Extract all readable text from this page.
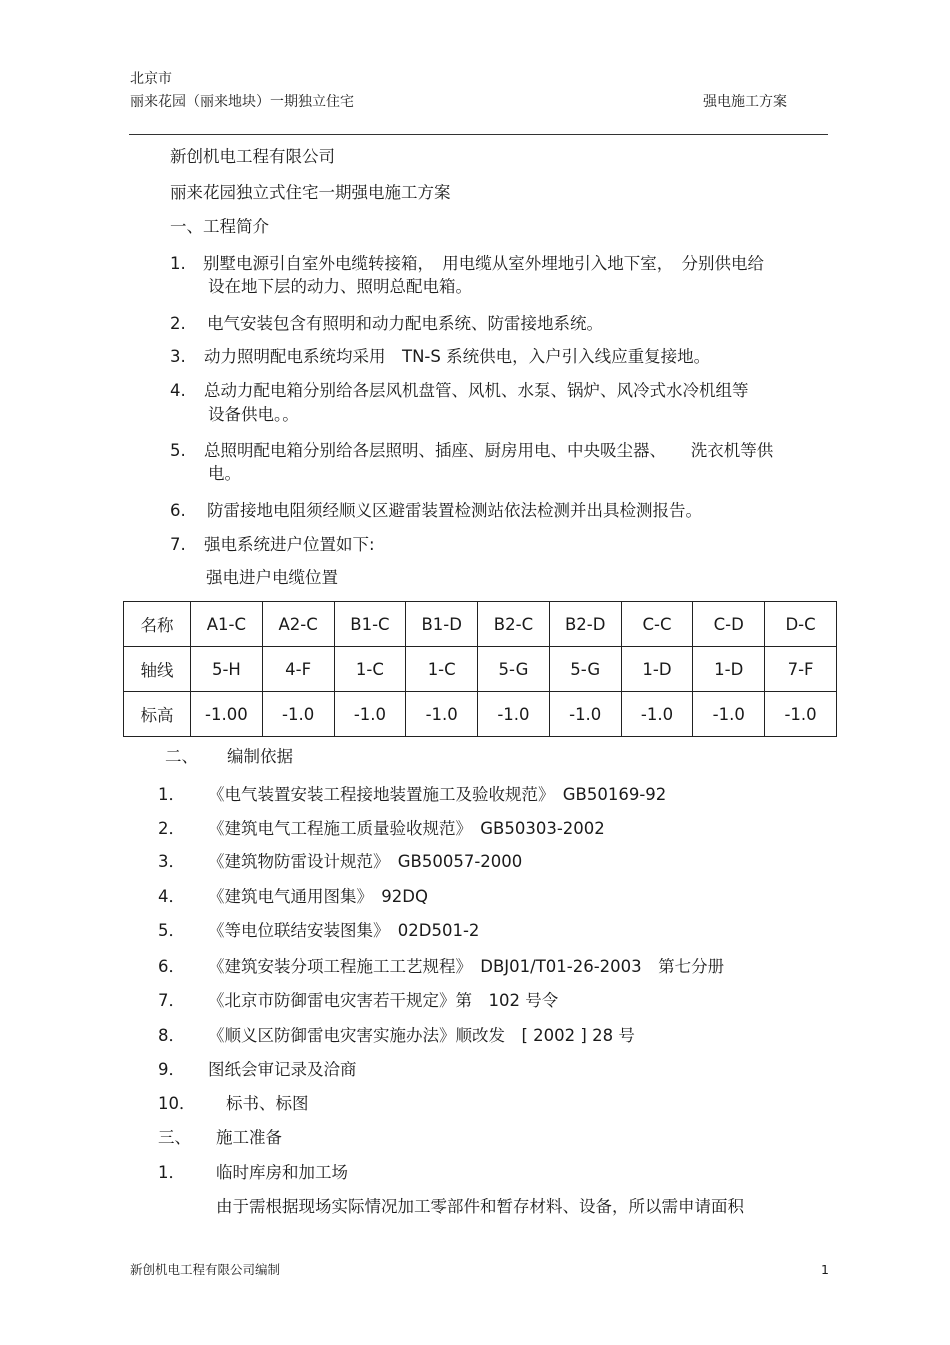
北京市
丽来花园（丽来地块）一期独立住宅	强电施工方案
新创机电工程有限公司
丽来花园独立式住宅一期强电施工方案
一、工程简介
1. 别墅电源引自室外电缆转接箱，　用电缆从室外埋地引入地下室，　分别供电给
设在地下层的动力、照明总配电箱。
2. 电气安装包含有照明和动力配电系统、防雷接地系统。
3. 动力照明配电系统均采用　TN-S 系统供电，入户引入线应重复接地。
4. 总动力配电箱分别给各层风机盘管、风机、水泵、锅炉、风冷式水冷机组等
设备供电。。
5. 总照明配电箱分别给各层照明、插座、厨房用电、中央吸尘器、　　洗衣机等供
电。
6. 防雷接地电阻须经顺义区避雷装置检测站依法检测并出具检测报告。
7. 强电系统进户位置如下:
强电进户电缆位置
名称	A1-C	A2-C	B1-C	B1-D	B2-C	B2-D	C-C	C-D	D-C
轴线	5-H	4-F	1-C	1-C	5-G	5-G	1-D	1-D	7-F
标高	-1.00	-1.0	-1.0	-1.0	-1.0	-1.0	-1.0	-1.0	-1.0
二、 编制依据
1． 《电气装置安装工程接地装置施工及验收规范》　GB50169-92
2． 《建筑电气工程施工质量验收规范》　GB50303-2002
3． 《建筑物防雷设计规范》　GB50057-2000
4． 《建筑电气通用图集》　92DQ
5． 《等电位联结安装图集》　02D501-2
6． 《建筑安装分项工程施工工艺规程》　DBJ01/T01-26-2003　第七分册
7． 《北京市防御雷电灾害若干规定》第　102 号令
8． 《顺义区防御雷电灾害实施办法》顺改发　[ 2002 ] 28 号
9． 图纸会审记录及洽商
10． 标书、标图
三、 施工准备
1． 临时库房和加工场
由于需根据现场实际情况加工零部件和暂存材料、设备，所以需申请面积
新创机电工程有限公司编制	1
